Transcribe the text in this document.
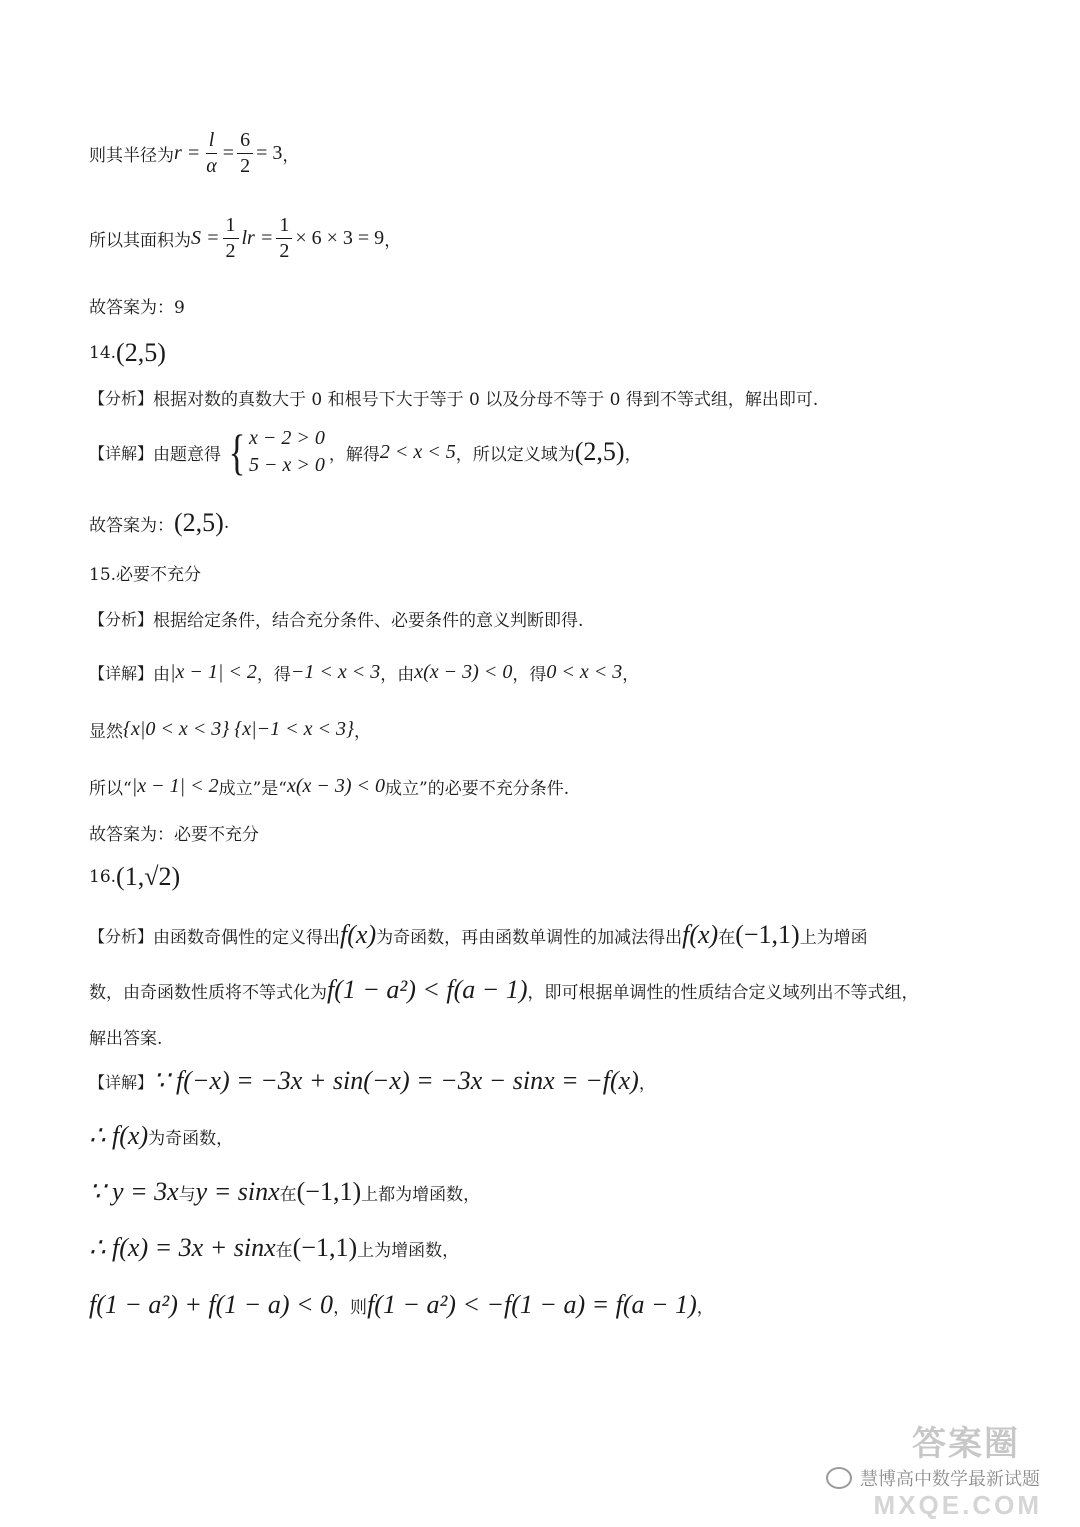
则其半径为 $r = \frac{l}{\alpha} = \frac{6}{2} = 3$ ，
所以其面积为 $S = \frac{1}{2}$ lr = $\frac{1}{2} \times 6 \times 3 = 9$ ，
故答案为：9
14. (2,5)
【分析】 根据对数的真数大于 0 和根号下大于等于 0 以及分母不等于 0 得到不等式组，解出即可.
【详解】 由题意得 { x − 2 > 0
5 − x > 0 ，解得 2 < x < 5 ，所以定义域为 (2,5) ，
故答案为： (2,5) .
15.必要不充分
【分析】 根据给定条件，结合充分条件、必要条件的意义判断即得.
【详解】 由 |x − 1| < 2 ，得 −1 < x < 3 ，由 x(x − 3) < 0 ，得 0 < x < 3 ，
显然 {x|0 < x < 3} {x|−1 < x < 3} ，
所以“ |x − 1| < 2 成立”是“ x(x − 3) < 0 成立”的必要不充分条件.
故答案为：必要不充分
16. (1,√2)
【分析】 由函数奇偶性的定义得出 f(x) 为奇函数，再由函数单调性的加减法得出 f(x) 在 (−1,1) 上为增函
数，由奇函数性质将不等式化为 f(1 − a²) < f(a − 1) ，即可根据单调性的性质结合定义域列出不等式组，
解出答案.
【详解】 ∵ f(−x) = −3x + sin(−x) = −3x − sinx = −f(x) ，
∴ f(x) 为奇函数，
∵ y = 3x 与 y = sinx 在 (−1,1) 上都为增函数，
∴ f(x) = 3x + sinx 在 (−1,1) 上为增函数，
f(1 − a²) + f(1 − a) < 0 ，则 f(1 − a²) < −f(1 − a) = f(a − 1) ，
慧博高中数学最新试题
答案圈
MXQE.COM
